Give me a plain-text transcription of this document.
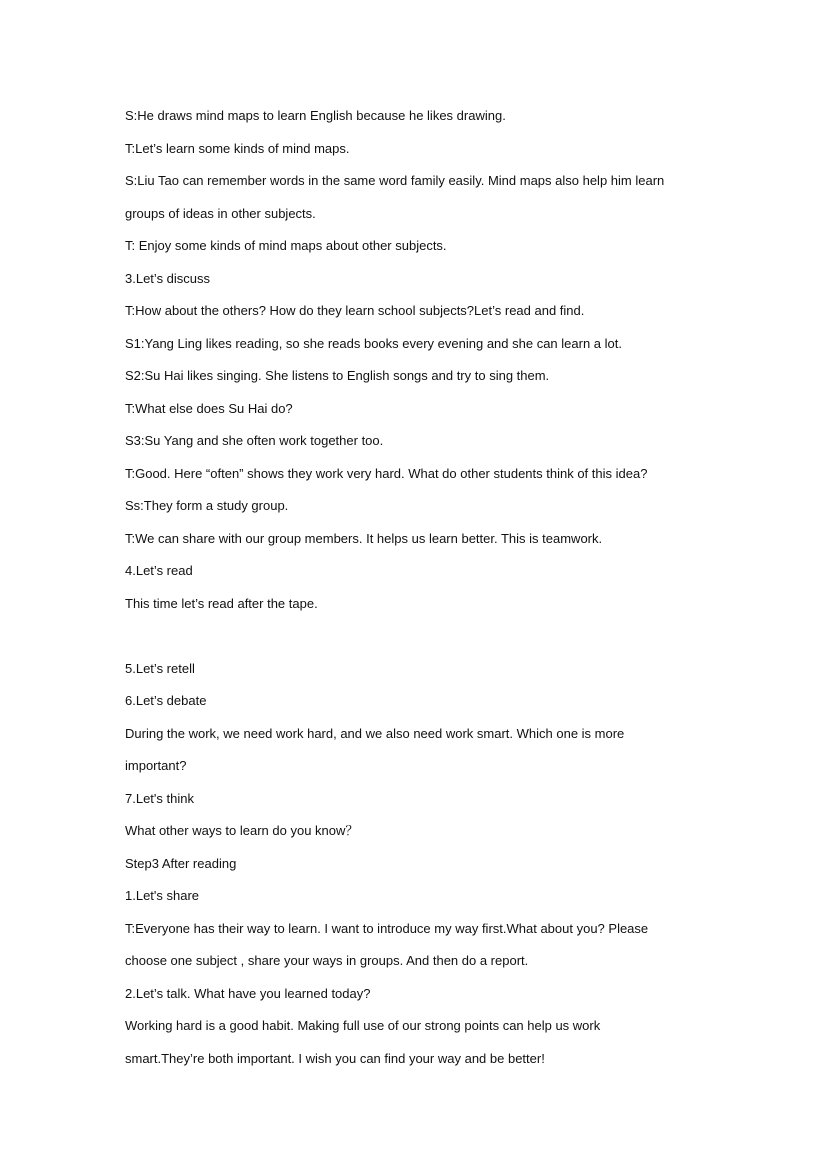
S:He draws mind maps to learn English because he likes drawing.
T:Let’s learn some kinds of mind maps.
S:Liu Tao can remember words in the same word family easily. Mind maps also help him learn
groups of ideas in other subjects.
T: Enjoy some kinds of mind maps about other subjects.
3.Let’s discuss
T:How about the others? How do they learn school subjects?Let’s read and find.
S1:Yang Ling likes reading, so she reads books every evening and she can learn a lot.
S2:Su Hai likes singing. She listens to English songs and try to sing them.
T:What else does Su Hai do?
S3:Su Yang and she often work together too.
T:Good. Here “often” shows they work very hard. What do other students think of this idea?
Ss:They form a study group.
T:We can share with our group members. It helps us learn better. This is teamwork.
4.Let’s read
This time let’s read after the tape.
5.Let’s retell
6.Let’s debate
During the work, we need work hard, and we also need work smart. Which one is more
important?
7.Let's think
What other ways to learn do you know？
Step3 After reading
1.Let's share
T:Everyone has their way to learn. I want to introduce my way first.What about you? Please
choose one subject , share your ways in groups. And then do a report.
2.Let’s talk. What have you learned today?
Working hard is a good habit. Making full use of our strong points can help us work
smart.They’re both important. I wish you can find your way and be better!
